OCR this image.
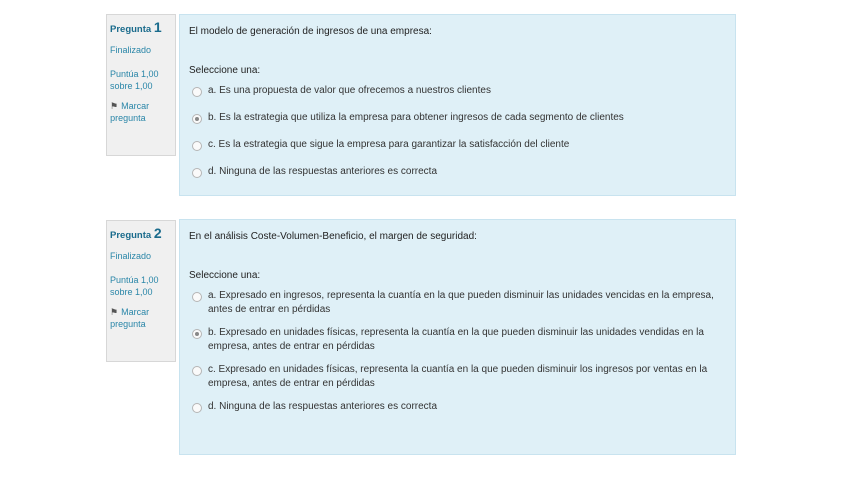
Pregunta 1
Finalizado
Puntúa 1,00
sobre 1,00
⚑ Marcar
pregunta

El modelo de generación de ingresos de una empresa:

Seleccione una:

a. Es una propuesta de valor que ofrecemos a nuestros clientes
b. Es la estrategia que utiliza la empresa para obtener ingresos de cada segmento de clientes
c. Es la estrategia que sigue la empresa para garantizar la satisfacción del cliente
d. Ninguna de las respuestas anteriores es correcta
Pregunta 2
Finalizado
Puntúa 1,00
sobre 1,00
⚑ Marcar
pregunta

En el análisis Coste-Volumen-Beneficio, el margen de seguridad:

Seleccione una:

a. Expresado en ingresos, representa la cuantía en la que pueden disminuir las unidades vencidas en la empresa, antes de entrar en pérdidas
b. Expresado en unidades físicas, representa la cuantía en la que pueden disminuir las unidades vendidas en la empresa, antes de entrar en pérdidas
c. Expresado en unidades físicas, representa la cuantía en la que pueden disminuir los ingresos por ventas en la empresa, antes de entrar en pérdidas
d. Ninguna de las respuestas anteriores es correcta
